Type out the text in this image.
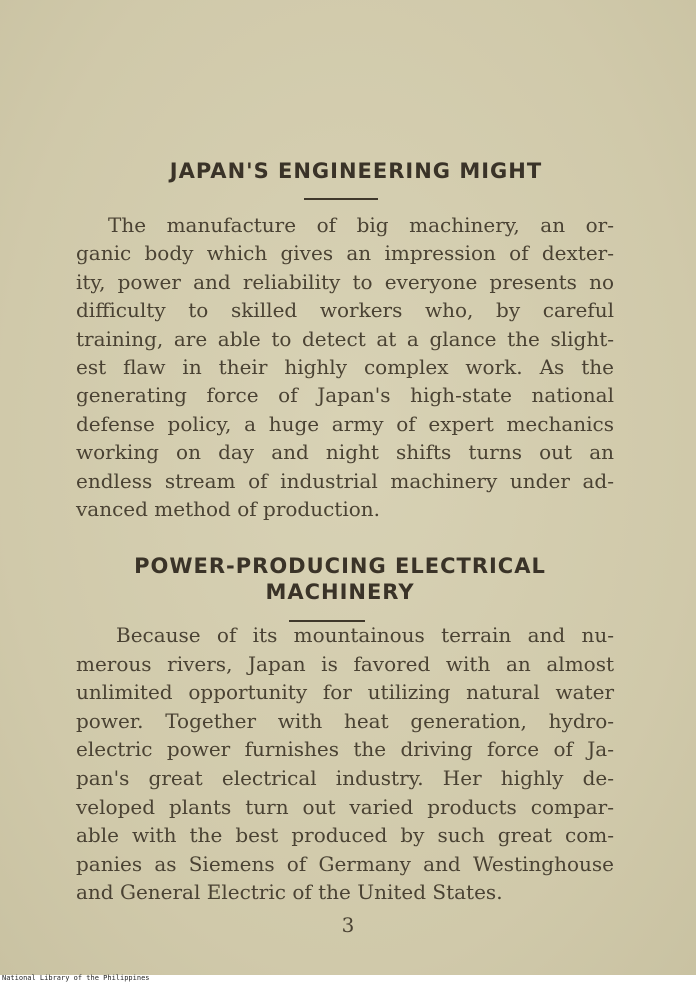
JAPAN'S ENGINEERING MIGHT

The manufacture of big machinery, an or-
ganic body which gives an impression of dexter-
ity, power and reliability to everyone presents no
difficulty to skilled workers who, by careful
training, are able to detect at a glance the slight-
est flaw in their highly complex work. As the
generating force of Japan's high-state national
defense policy, a huge army of expert mechanics
working on day and night shifts turns out an
endless stream of industrial machinery under ad-
vanced method of production.

POWER-PRODUCING ELECTRICAL
MACHINERY

Because of its mountainous terrain and nu-
merous rivers, Japan is favored with an almost
unlimited opportunity for utilizing natural water
power. Together with heat generation, hydro-
electric power furnishes the driving force of Ja-
pan's great electrical industry. Her highly de-
veloped plants turn out varied products compar-
able with the best produced by such great com-
panies as Siemens of Germany and Westinghouse
and General Electric of the United States.

3
National Library of the Philippines
